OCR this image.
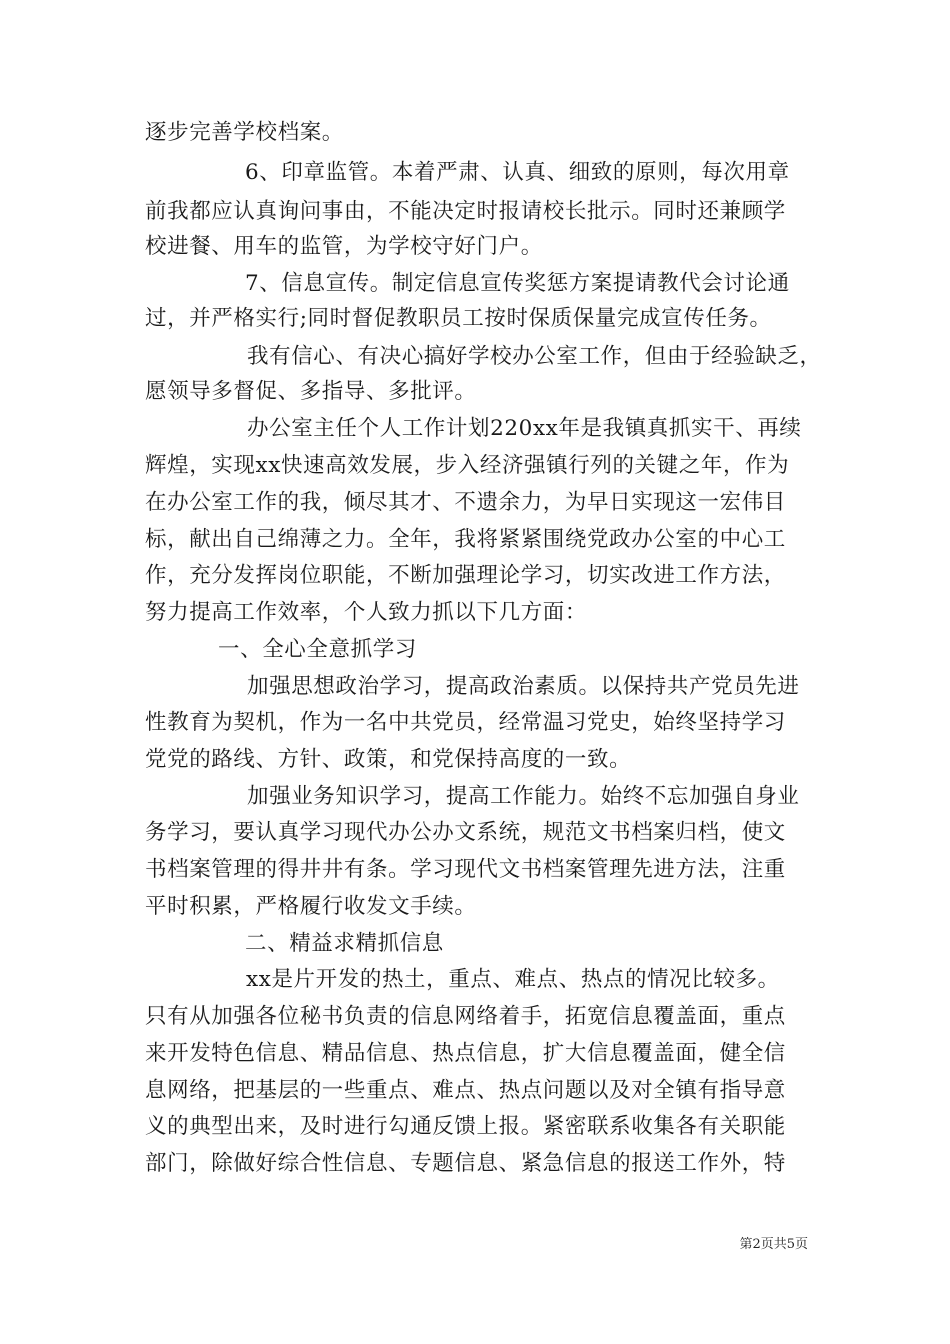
逐步完善学校档案。
6、印章监管。本着严肃、认真、细致的原则，每次用章
前我都应认真询问事由，不能决定时报请校长批示。同时还兼顾学
校进餐、用车的监管，为学校守好门户。
7、信息宣传。制定信息宣传奖惩方案提请教代会讨论通
过，并严格实行;同时督促教职员工按时保质保量完成宣传任务。
我有信心、有决心搞好学校办公室工作，但由于经验缺乏，
愿领导多督促、多指导、多批评。
办公室主任个人工作计划220xx年是我镇真抓实干、再续
辉煌，实现xx快速高效发展，步入经济强镇行列的关键之年，作为
在办公室工作的我，倾尽其才、不遗余力，为早日实现这一宏伟目
标，献出自己绵薄之力。全年，我将紧紧围绕党政办公室的中心工
作，充分发挥岗位职能，不断加强理论学习，切实改进工作方法，
努力提高工作效率，个人致力抓以下几方面：
一、全心全意抓学习
加强思想政治学习，提高政治素质。以保持共产党员先进
性教育为契机，作为一名中共党员，经常温习党史，始终坚持学习
党党的路线、方针、政策，和党保持高度的一致。
加强业务知识学习，提高工作能力。始终不忘加强自身业
务学习，要认真学习现代办公办文系统，规范文书档案归档，使文
书档案管理的得井井有条。学习现代文书档案管理先进方法，注重
平时积累，严格履行收发文手续。
二、精益求精抓信息
xx是片开发的热土，重点、难点、热点的情况比较多。
只有从加强各位秘书负责的信息网络着手，拓宽信息覆盖面，重点
来开发特色信息、精品信息、热点信息，扩大信息覆盖面，健全信
息网络，把基层的一些重点、难点、热点问题以及对全镇有指导意
义的典型出来，及时进行勾通反馈上报。紧密联系收集各有关职能
部门，除做好综合性信息、专题信息、紧急信息的报送工作外，特
第2页共5页
